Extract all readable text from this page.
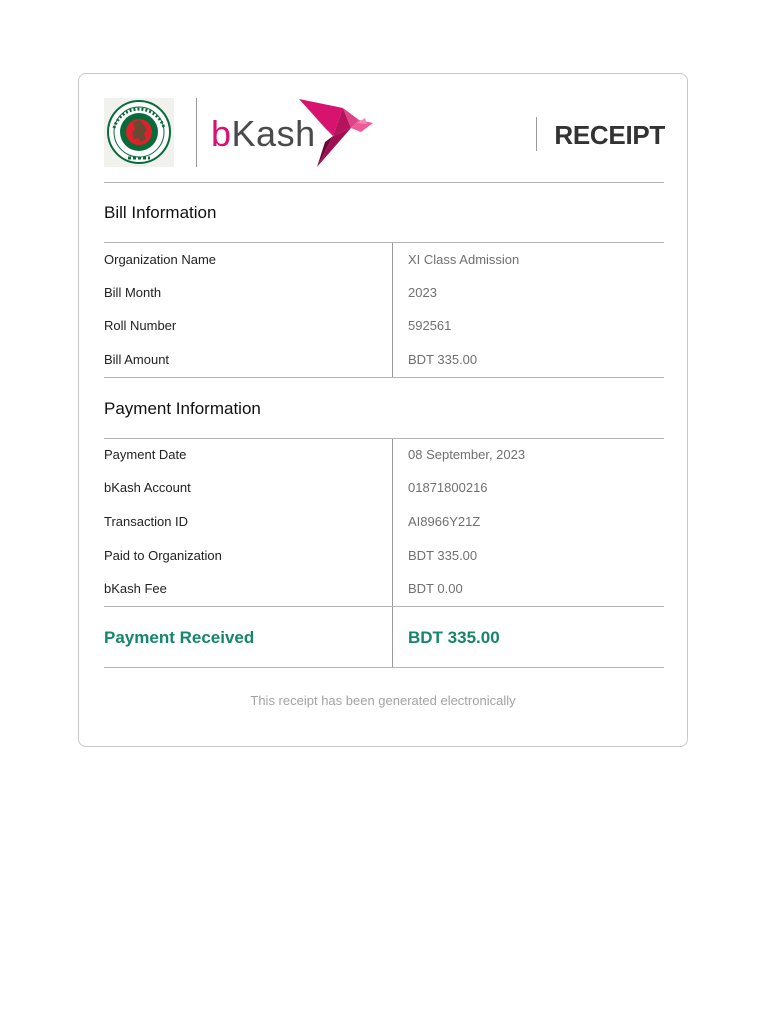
bKash	RECEIPT
Bill Information
Organization Name	XI Class Admission
Bill Month	2023
Roll Number	592561
Bill Amount	BDT 335.00
Payment Information
Payment Date	08 September, 2023
bKash Account	01871800216
Transaction ID	AI8966Y21Z
Paid to Organization	BDT 335.00
bKash Fee	BDT 0.00
Payment Received	BDT 335.00
This receipt has been generated electronically
